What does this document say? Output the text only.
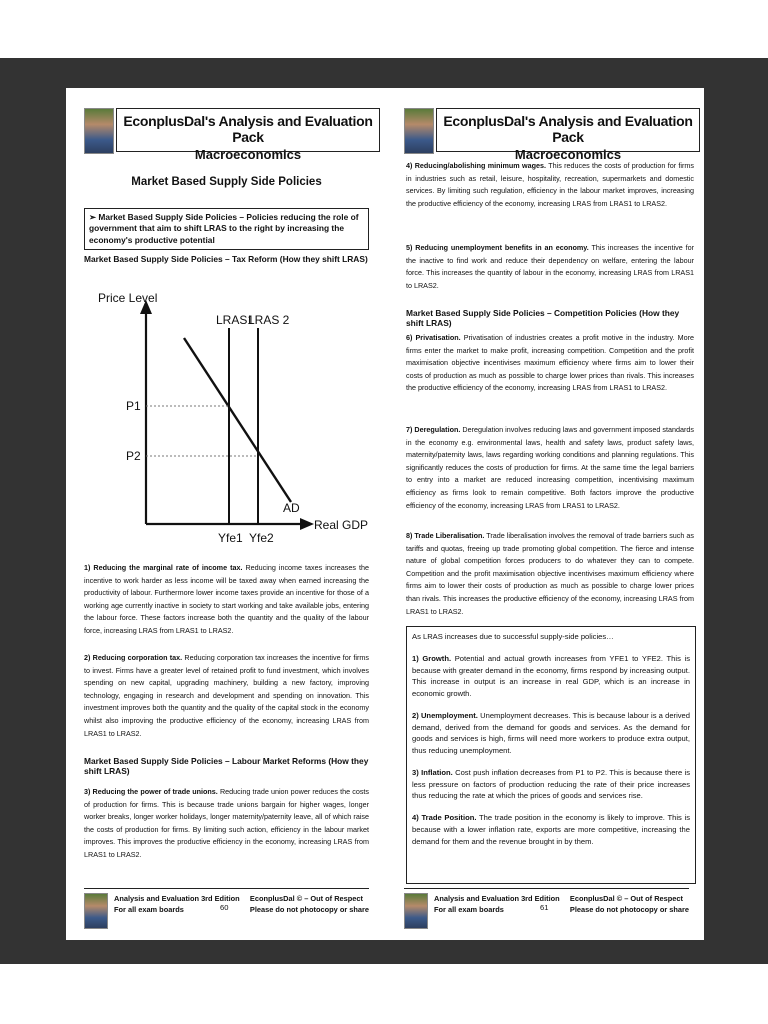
EconplusDal's Analysis and Evaluation Pack
Macroeconomics
Market Based Supply Side Policies
➢ Market Based Supply Side Policies – Policies reducing the role of government that aim to shift LRAS to the right by increasing the economy's productive potential
Market Based Supply Side Policies – Tax Reform (How they shift LRAS)
Price Level
Real GDP
LRAS1
LRAS 2
AD
P1
P2
Yfe1 Yfe2
1) Reducing the marginal rate of income tax. Reducing income taxes increases the incentive to work harder as less income will be taxed away when earned increasing the productivity of labour. Furthermore lower income taxes provide an incentive for those of a working age currently inactive in society to start working and take available jobs, entering the labour force. These factors increase both the quantity and the quality of the labour force, increasing LRAS from LRAS1 to LRAS2.
2) Reducing corporation tax. Reducing corporation tax increases the incentive for firms to invest. Firms have a greater level of retained profit to fund investment, which involves spending on new capital, upgrading machinery, building a new factory, improving technology, engaging in research and development and spending on innovation. This investment improves both the quantity and the quality of the capital stock in the economy whilst also improving the productive efficiency of the economy, increasing LRAS from LRAS1 to LRAS2.
Market Based Supply Side Policies – Labour Market Reforms (How they shift LRAS)
3) Reducing the power of trade unions. Reducing trade union power reduces the costs of production for firms. This is because trade unions bargain for higher wages, longer worker breaks, longer worker holidays, longer maternity/paternity leave, all of which raise the costs of production for firms. By limiting such action, efficiency in the labour market improves. This improves the productive efficiency in the economy, increasing LRAS from LRAS1 to LRAS2.
Analysis and Evaluation 3rd Edition
For all exam boards	60
EconplusDal © – Out of Respect
Please do not photocopy or share
EconplusDal's Analysis and Evaluation Pack
Macroeconomics
4) Reducing/abolishing minimum wages. This reduces the costs of production for firms in industries such as retail, leisure, hospitality, recreation, supermarkets and domestic services. By limiting such regulation, efficiency in the labour market improves, increasing the productive efficiency of the economy, increasing LRAS from LRAS1 to LRAS2.
5) Reducing unemployment benefits in an economy. This increases the incentive for the inactive to find work and reduce their dependency on welfare, entering the labour force. This increases the quantity of labour in the economy, increasing LRAS from LRAS1 to LRAS2.
Market Based Supply Side Policies – Competition Policies (How they shift LRAS)
6) Privatisation. Privatisation of industries creates a profit motive in the industry. More firms enter the market to make profit, increasing competition. Competition and the profit maximisation objective incentivises maximum efficiency where firms aim to lower their costs of production as much as possible to charge lower prices than rivals. This increases the productive efficiency of the economy, increasing LRAS from LRAS1 to LRAS2.
7) Deregulation. Deregulation involves reducing laws and government imposed standards in the economy e.g. environmental laws, health and safety laws, product safety laws, maternity/paternity laws, laws regarding working conditions and planning regulations. This significantly reduces the costs of production for firms. At the same time the legal barriers to entry into a market are reduced increasing competition, incentivising maximum efficiency as firms look to remain competitive. Both factors improve the productive efficiency of the economy, increasing LRAS from LRAS1 to LRAS2.
8) Trade Liberalisation. Trade liberalisation involves the removal of trade barriers such as tariffs and quotas, freeing up trade promoting global competition. The fierce and intense nature of global competition forces producers to do whatever they can to compete. Competition and the profit maximisation objective incentivises maximum efficiency where firms aim to lower their costs of production as much as possible to charge lower prices than rivals. This increases the productive efficiency of the economy, increasing LRAS from LRAS1 to LRAS2.
As LRAS increases due to successful supply-side policies…
1) Growth. Potential and actual growth increases from YFE1 to YFE2. This is because with greater demand in the economy, firms respond by increasing output. This increase in output is an increase in real GDP, which is an increase in economic growth.
2) Unemployment. Unemployment decreases. This is because labour is a derived demand, derived from the demand for goods and services. As the demand for goods and services is high, firms will need more workers to produce extra output, thus reducing unemployment.
3) Inflation. Cost push inflation decreases from P1 to P2. This is because there is less pressure on factors of production reducing the rate of their price increases thus reducing the rate at which the prices of goods and services rise.
4) Trade Position. The trade position in the economy is likely to improve. This is because with a lower inflation rate, exports are more competitive, increasing the demand for them and the revenue brought in by them.
Analysis and Evaluation 3rd Edition
For all exam boards	61
EconplusDal © – Out of Respect
Please do not photocopy or share
